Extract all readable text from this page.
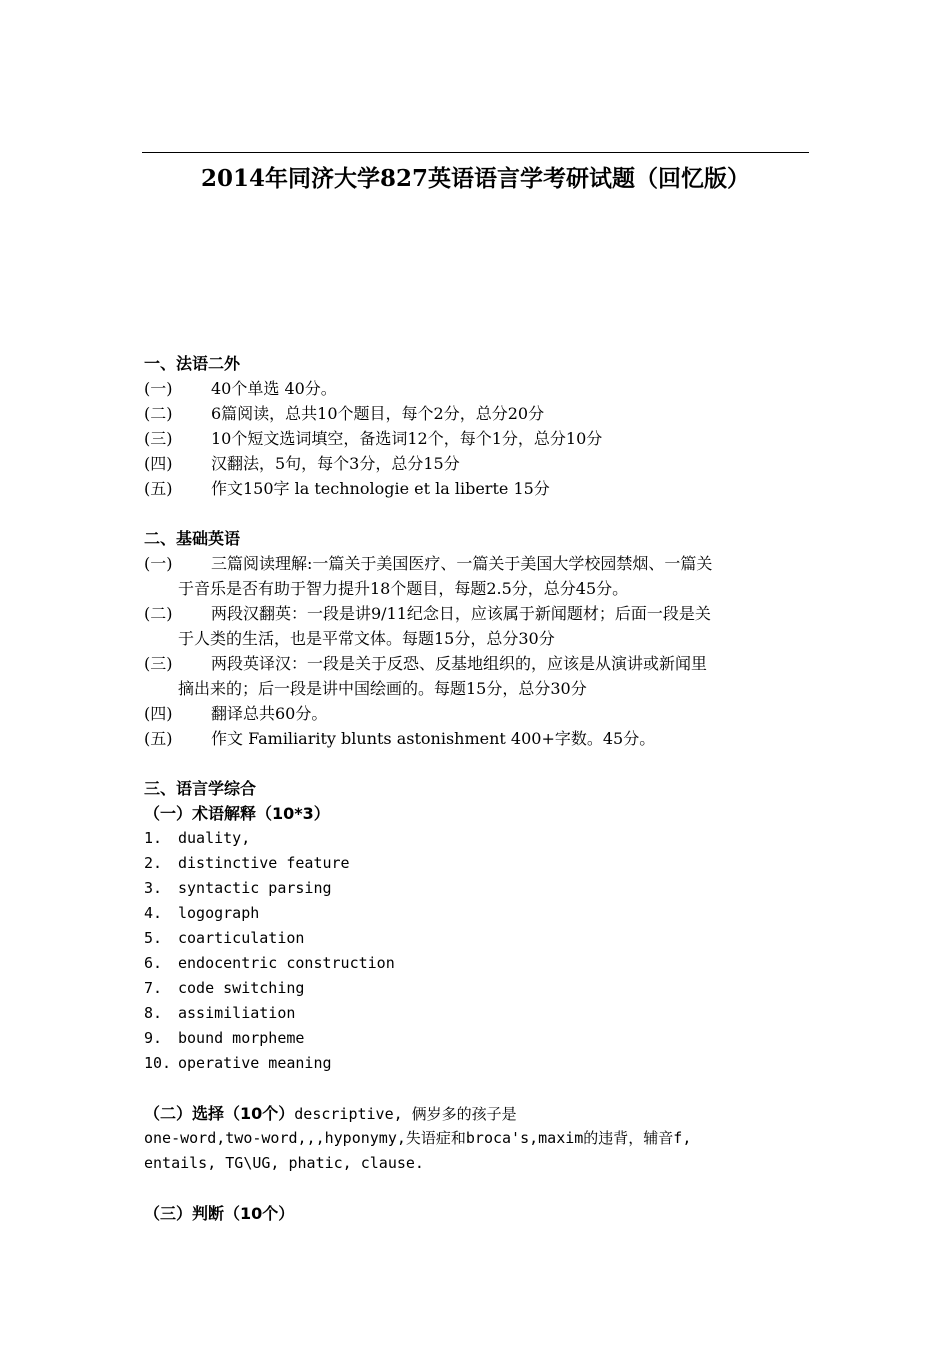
2014年同济大学827英语语言学考研试题（回忆版）
一、法语二外
(一) 40个单选 40分。
(二) 6篇阅读，总共10个题目，每个2分，总分20分
(三) 10个短文选词填空，备选词12个，每个1分，总分10分
(四) 汉翻法，5句，每个3分，总分15分
(五) 作文150字 la technologie et la liberte 15分
二、基础英语
(一) 三篇阅读理解:一篇关于美国医疗、一篇关于美国大学校园禁烟、一篇关
于音乐是否有助于智力提升18个题目，每题2.5分，总分45分。
(二) 两段汉翻英：一段是讲9/11纪念日，应该属于新闻题材；后面一段是关
于人类的生活，也是平常文体。每题15分，总分30分
(三) 两段英译汉：一段是关于反恐、反基地组织的，应该是从演讲或新闻里
摘出来的；后一段是讲中国绘画的。每题15分，总分30分
(四) 翻译总共60分。
(五) 作文 Familiarity blunts astonishment 400+字数。45分。
三、语言学综合
（一）术语解释（10*3）
1. duality,
2. distinctive feature
3. syntactic parsing
4. logograph
5. coarticulation
6. endocentric construction
7. code switching
8. assimiliation
9. bound morpheme
10. operative meaning
（二）选择（10个）descriptive, 俩岁多的孩子是
one-word,two-word,,,hyponymy,失语症和broca's,maxim的违背，辅音f,
entails, TG\UG, phatic, clause.
（三）判断（10个）
